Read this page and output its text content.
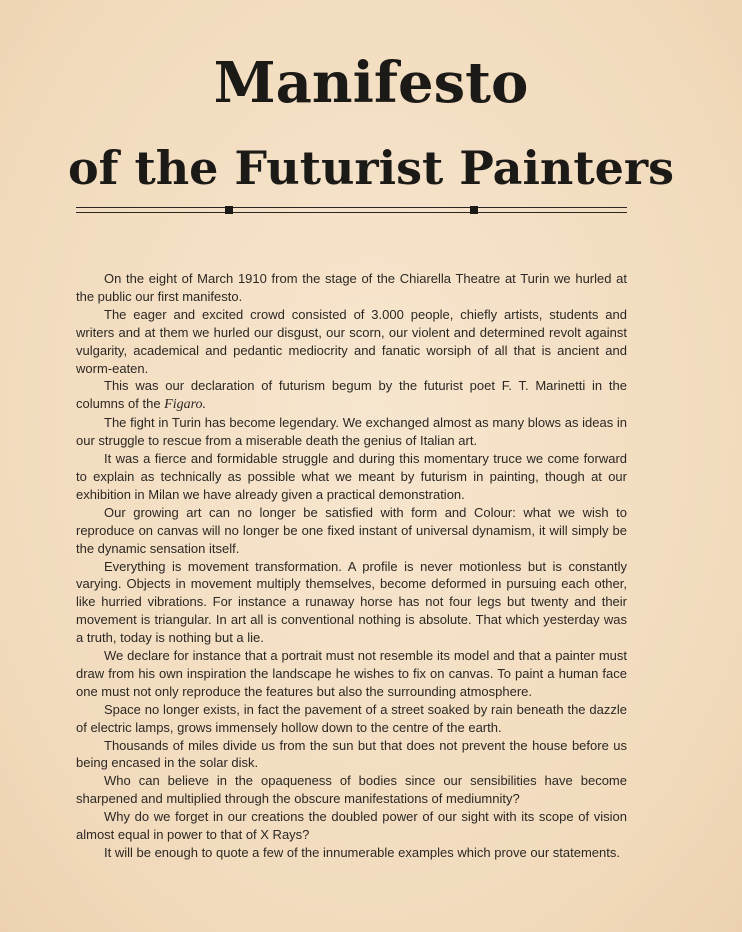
Manifesto
of the Futurist Painters

On the eight of March 1910 from the stage of the Chiarella Theatre at Turin we hurled at the public our first manifesto.

The eager and excited crowd consisted of 3.000 people, chiefly artists, students and writers and at them we hurled our disgust, our scorn, our violent and determined revolt against vulgarity, academical and pedantic mediocrity and fanatic worsiph of all that is ancient and worm-eaten.

This was our declaration of futurism begum by the futurist poet F. T. Marinetti in the columns of the Figaro.

The fight in Turin has become legendary. We exchanged almost as many blows as ideas in our struggle to rescue from a miserable death the genius of Italian art.

It was a fierce and formidable struggle and during this momentary truce we come forward to explain as technically as possible what we meant by futurism in painting, though at our exhibition in Milan we have already given a practical demonstration.

Our growing art can no longer be satisfied with form and Colour: what we wish to reproduce on canvas will no longer be one fixed instant of universal dynamism, it will simply be the dynamic sensation itself.

Everything is movement transformation. A profile is never motionless but is constantly varying. Objects in movement multiply themselves, become deformed in pursuing each other, like hurried vibrations. For instance a runaway horse has not four legs but twenty and their movement is triangular. In art all is conventional nothing is absolute. That which yesterday was a truth, today is nothing but a lie.

We declare for instance that a portrait must not resemble its model and that a painter must draw from his own inspiration the landscape he wishes to fix on canvas. To paint a human face one must not only reproduce the features but also the surrounding atmosphere.

Space no longer exists, in fact the pavement of a street soaked by rain beneath the dazzle of electric lamps, grows immensely hollow down to the centre of the earth.

Thousands of miles divide us from the sun but that does not prevent the house before us being encased in the solar disk.

Who can believe in the opaqueness of bodies since our sensibilities have become sharpened and multiplied through the obscure manifestations of mediumnity?

Why do we forget in our creations the doubled power of our sight with its scope of vision almost equal in power to that of X Rays?

It will be enough to quote a few of the innumerable examples which prove our statements.
